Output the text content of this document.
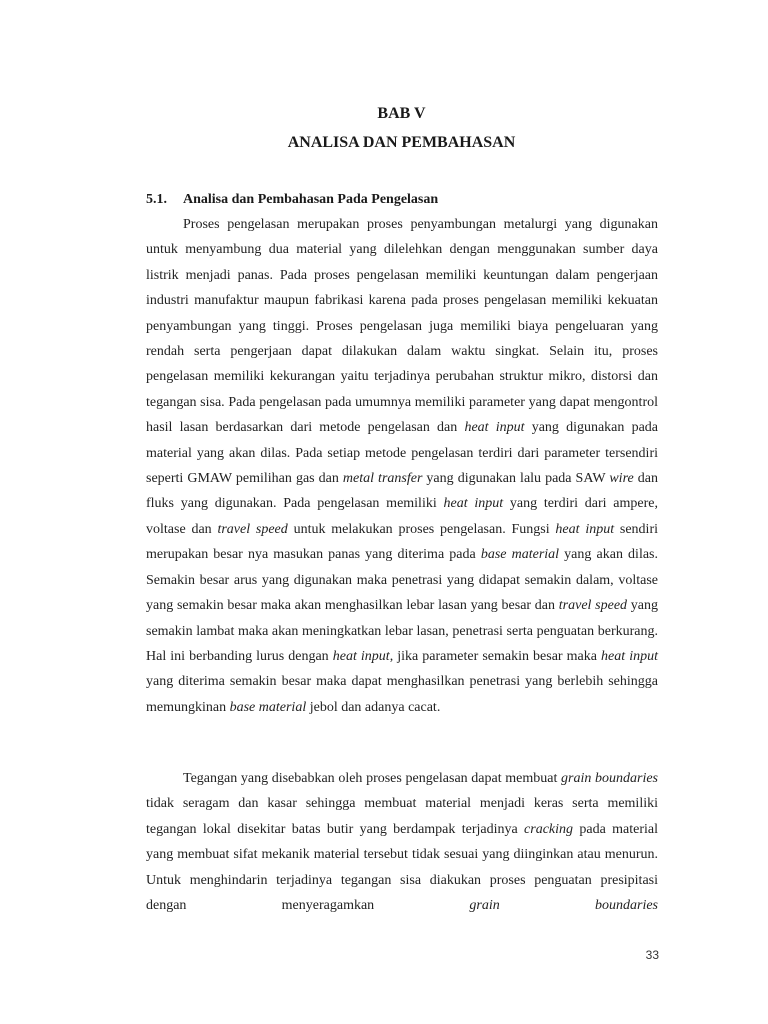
BAB V
ANALISA DAN PEMBAHASAN
5.1. Analisa dan Pembahasan Pada Pengelasan

Proses pengelasan merupakan proses penyambungan metalurgi yang digunakan untuk menyambung dua material yang dilelehkan dengan menggunakan sumber daya listrik menjadi panas. Pada proses pengelasan memiliki keuntungan dalam pengerjaan industri manufaktur maupun fabrikasi karena pada proses pengelasan memiliki kekuatan penyambungan yang tinggi. Proses pengelasan juga memiliki biaya pengeluaran yang rendah serta pengerjaan dapat dilakukan dalam waktu singkat. Selain itu, proses pengelasan memiliki kekurangan yaitu terjadinya perubahan struktur mikro, distorsi dan tegangan sisa. Pada pengelasan pada umumnya memiliki parameter yang dapat mengontrol hasil lasan berdasarkan dari metode pengelasan dan heat input yang digunakan pada material yang akan dilas. Pada setiap metode pengelasan terdiri dari parameter tersendiri seperti GMAW pemilihan gas dan metal transfer yang digunakan lalu pada SAW wire dan fluks yang digunakan. Pada pengelasan memiliki heat input yang terdiri dari ampere, voltase dan travel speed untuk melakukan proses pengelasan. Fungsi heat input sendiri merupakan besar nya masukan panas yang diterima pada base material yang akan dilas. Semakin besar arus yang digunakan maka penetrasi yang didapat semakin dalam, voltase yang semakin besar maka akan menghasilkan lebar lasan yang besar dan travel speed yang semakin lambat maka akan meningkatkan lebar lasan, penetrasi serta penguatan berkurang. Hal ini berbanding lurus dengan heat input, jika parameter semakin besar maka heat input yang diterima semakin besar maka dapat menghasilkan penetrasi yang berlebih sehingga memungkinan base material jebol dan adanya cacat.

Tegangan yang disebabkan oleh proses pengelasan dapat membuat grain boundaries tidak seragam dan kasar sehingga membuat material menjadi keras serta memiliki tegangan lokal disekitar batas butir yang berdampak terjadinya cracking pada material yang membuat sifat mekanik material tersebut tidak sesuai yang diinginkan atau menurun. Untuk menghindarin terjadinya tegangan sisa diakukan proses penguatan presipitasi dengan menyeragamkan grain boundaries

33
